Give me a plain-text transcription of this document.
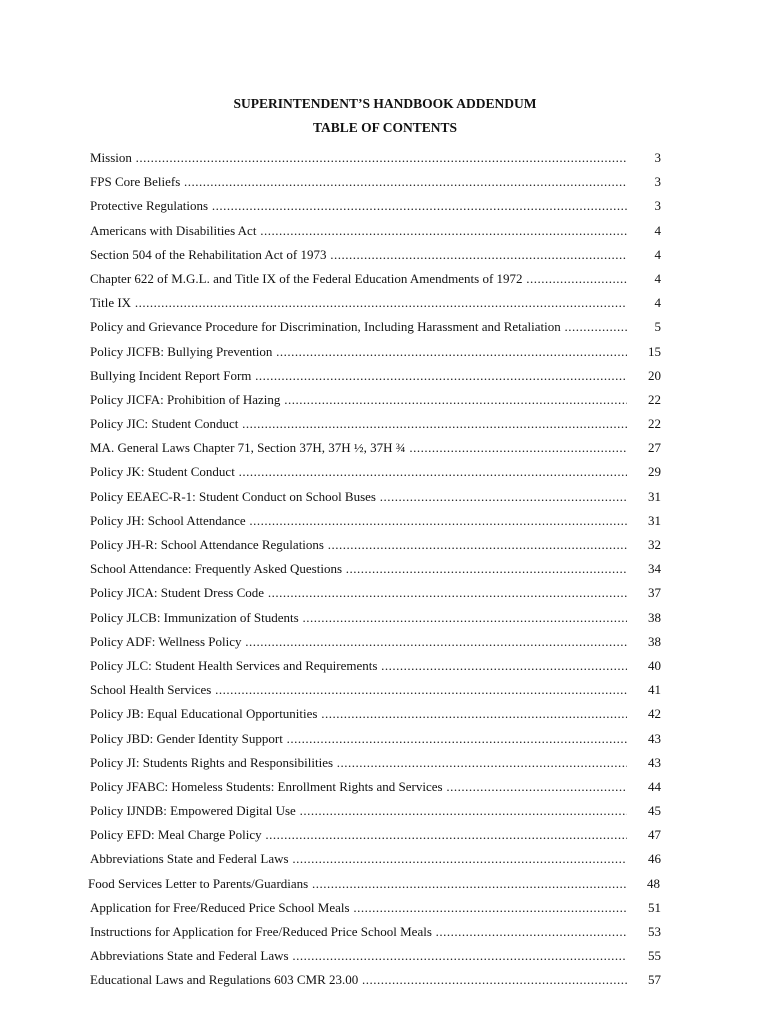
SUPERINTENDENT’S HANDBOOK ADDENDUM
TABLE OF CONTENTS
Mission .....	3
FPS Core Beliefs .....	3
Protective Regulations .....	3
Americans with Disabilities Act .....	4
Section 504 of the Rehabilitation Act of 1973 .....	4
Chapter 622 of M.G.L. and Title IX of the Federal Education Amendments of 1972 .....	4
Title IX .....	4
Policy and Grievance Procedure for Discrimination, Including Harassment and Retaliation .....	5
Policy JICFB: Bullying Prevention .....	15
Bullying Incident Report Form .....	20
Policy JICFA: Prohibition of Hazing .....	22
Policy JIC: Student Conduct .....	22
MA. General Laws Chapter 71, Section 37H, 37H ½, 37H ¾ .....	27
Policy JK: Student Conduct .....	29
Policy EEAEC-R-1: Student Conduct on School Buses .....	31
Policy JH: School Attendance .....	31
Policy JH-R: School Attendance Regulations .....	32
School Attendance: Frequently Asked Questions .....	34
Policy JICA: Student Dress Code .....	37
Policy JLCB: Immunization of Students .....	38
Policy ADF: Wellness Policy .....	38
Policy JLC: Student Health Services and Requirements .....	40
School Health Services .....	41
Policy JB: Equal Educational Opportunities .....	42
Policy JBD: Gender Identity Support .....	43
Policy JI: Students Rights and Responsibilities .....	43
Policy JFABC: Homeless Students: Enrollment Rights and Services .....	44
Policy IJNDB: Empowered Digital Use .....	45
Policy EFD: Meal Charge Policy .....	47
Abbreviations State and Federal Laws .....	46
Food Services Letter to Parents/Guardians .....	48
Application for Free/Reduced Price School Meals .....	51
Instructions for Application for Free/Reduced Price School Meals .....	53
Abbreviations State and Federal Laws .....	55
Educational Laws and Regulations 603 CMR 23.00 .....	57
